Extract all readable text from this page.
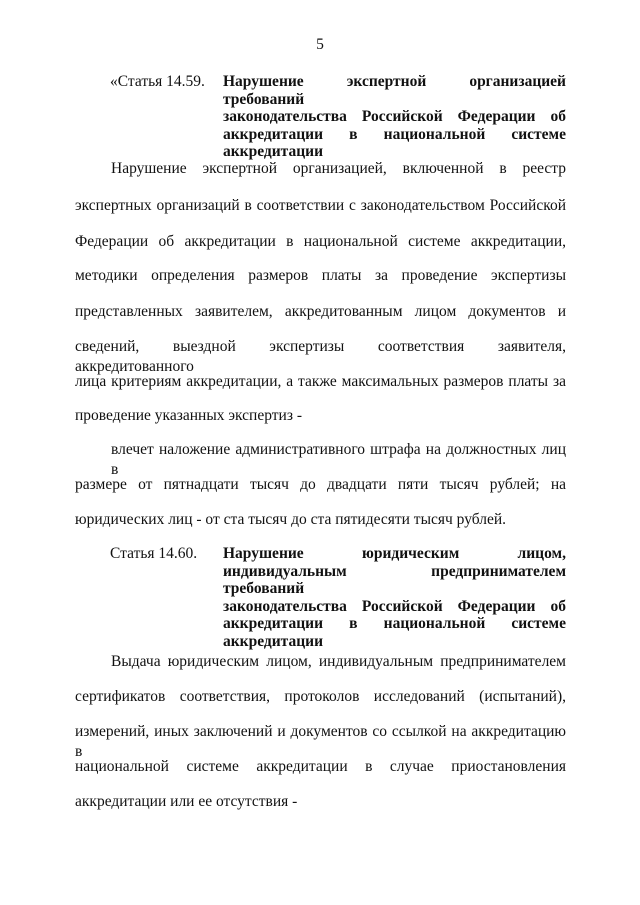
5
«Статья 14.59.	Нарушение экспертной организацией требований
законодательства Российской Федерации об
аккредитации в национальной системе
аккредитации
Нарушение экспертной организацией, включенной в реестр
экспертных организаций в соответствии с законодательством Российской
Федерации об аккредитации в национальной системе аккредитации,
методики определения размеров платы за проведение экспертизы
представленных заявителем, аккредитованным лицом документов и
сведений, выездной экспертизы соответствия заявителя, аккредитованного
лица критериям аккредитации, а также максимальных размеров платы за
проведение указанных экспертиз -
влечет наложение административного штрафа на должностных лиц в
размере от пятнадцати тысяч до двадцати пяти тысяч рублей; на
юридических лиц - от ста тысяч до ста пятидесяти тысяч рублей.
Статья 14.60.	Нарушение юридическим лицом,
индивидуальным предпринимателем требований
законодательства Российской Федерации об
аккредитации в национальной системе
аккредитации
Выдача юридическим лицом, индивидуальным предпринимателем
сертификатов соответствия, протоколов исследований (испытаний),
измерений, иных заключений и документов со ссылкой на аккредитацию в
национальной системе аккредитации в случае приостановления
аккредитации или ее отсутствия -
